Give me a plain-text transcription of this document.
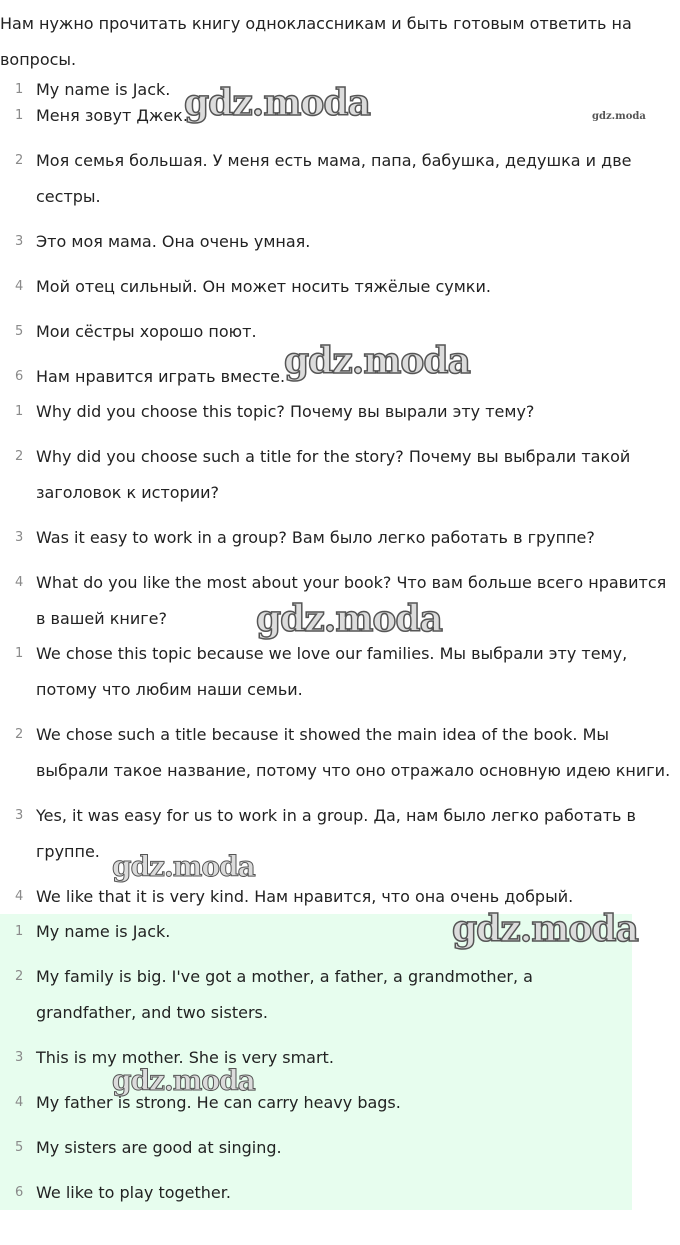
Нам нужно прочитать книгу одноклассникам и быть готовым ответить на вопросы.
1 My name is Jack.
1 Меня зовут Джек.
2 Моя семья большая. У меня есть мама, папа, бабушка, дедушка и две сестры.
3 Это моя мама. Она очень умная.
4 Мой отец сильный. Он может носить тяжёлые сумки.
5 Мои сёстры хорошо поют.
6 Нам нравится играть вместе.
1 Why did you choose this topic? Почему вы вырали эту тему?
2 Why did you choose such a title for the story? Почему вы выбрали такой заголовок к истории?
3 Was it easy to work in a group? Вам было легко работать в группе?
4 What do you like the most about your book? Что вам больше всего нравится в вашей книге?
1 We chose this topic because we love our families. Мы выбрали эту тему, потому что любим наши семьи.
2 We chose such a title because it showed the main idea of the book. Мы выбрали такое название, потому что оно отражало основную идею книги.
3 Yes, it was easy for us to work in a group. Да, нам было легко работать в группе.
4 We like that it is very kind. Нам нравится, что она очень добрый.
1 My name is Jack.
2 My family is big. I've got a mother, a father, a grandmother, a grandfather, and two sisters.
3 This is my mother. She is very smart.
4 My father is strong. He can carry heavy bags.
5 My sisters are good at singing.
6 We like to play together.
gdz.moda	gdz.moda
gdz.moda
gdz.moda
gdz.moda
gdz.moda
gdz.moda
